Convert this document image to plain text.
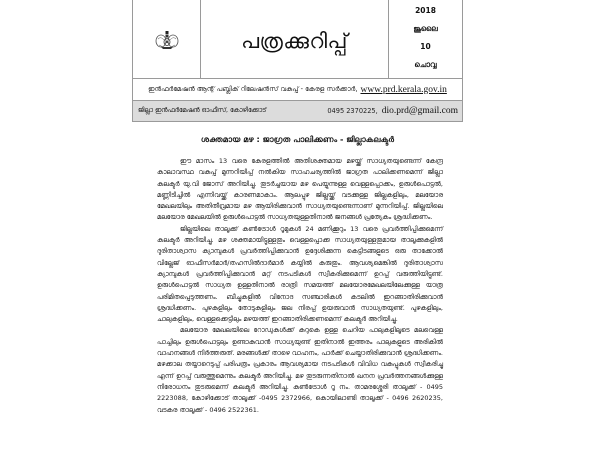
പത്രക്കുറിപ്പ്
2018
ജൂലൈ
10
ചൊവ്വ
ഇൻഫർമേഷൻ ആന്റ് പബ്ലിക് റിലേഷൻസ് വകുപ്പ് - കേരള സർക്കാർ, www.prd.kerala.gov.in
ജില്ലാ ഇൻഫർമേഷൻ ഓഫീസ്, കോഴിക്കോട്	0495 2370225, dio.prd@gmail.com
ശക്തമായ മഴ : ജാഗ്രത പാലിക്കണം - ജില്ലാകലക്ടർ

ഈ മാസം 13 വരെ കേരളത്തിൽ അതിശക്തമായ മഴയ്ക്ക് സാധ്യതയുണ്ടെന്ന് കേന്ദ്ര കാലാവസ്ഥ വകുപ്പ് മുന്നറിയിപ്പ് നൽകിയ സാഹചര്യത്തിൽ ജാഗ്രത പാലിക്കണമെന്ന് ജില്ലാ കലക്ടർ യു.വി ജോസ് അറിയിച്ചു. തുടർച്ചയായ മഴ പെയ്യുന്നുള്ള വെള്ളപ്പൊക്കം, ഉരുൾപൊട്ടൽ, മണ്ണിടിച്ചിൽ എന്നിവയ്ക്ക് കാരണമാകാം. ആലപ്പുഴ ജില്ലയ്ക്ക് വടക്കുള്ള ജില്ലകളിലും, മലയോര മേഖലയിലും അതിതീവ്രമായ മഴ ആയിരിക്കുവാൻ സാധ്യതയുണ്ടെന്നാണ് മുന്നറിയിപ്പ്. ജില്ലയിലെ മലയോര മേഖലയിൽ ഉരുൾപൊട്ടൽ സാധ്യതയുള്ളതിനാൽ ജനങ്ങൾ പ്രത്യേകം ശ്രദ്ധിക്കണം.

ജില്ലയിലെ താലൂക്ക് കൺട്രോൾ റൂമുകൾ 24 മണിക്കൂറും 13 വരെ പ്രവർത്തിപ്പിക്കുമെന്ന് കലക്ടർ അറിയിച്ചു. മഴ ശക്തമായിട്ടുള്ളതും വെള്ളപ്പൊക്ക സാധ്യതയുള്ളതുമായ താലൂക്കുകളിൽ ദുരിതാശ്വാസ ക്യാമ്പുകൾ പ്രവർത്തിപ്പിക്കുവാൻ ഉദ്ദേശിക്കുന്ന കെട്ടിടങ്ങളുടെ ഒരു താക്കോൽ വില്ലേജ് ഓഫീസർമാർ/തഹസിൽദാർമാർ കയ്യിൽ കരുതും. ആവശ്യമെങ്കിൽ ദുരിതാശ്വാസ ക്യാമ്പുകൾ പ്രവർത്തിപ്പിക്കുവാൻ മറ്റ് നടപടികൾ സ്വീകരിക്കുമെന്ന് ഉറപ്പ് വരുത്തിയിട്ടുണ്ട്. ഉരുൾപൊട്ടൽ സാധ്യത ഉള്ളതിനാൽ രാത്രി സമയത്ത് മലയോരമേഖലയിലേക്കുള്ള യാത്ര പരിമിതപ്പെടുത്തണം. ബീച്ചുകളിൽ വിനോദ സഞ്ചാരികൾ കടലിൽ ഇറങ്ങാതിരിക്കുവാൻ ശ്രദ്ധിക്കണം. പുഴകളിലും തോടുകളിലും ജല നിരപ്പ് ഉയരുവാൻ സാധ്യതയുണ്ട്. പുഴകളിലും, ചാലുകളിലും, വെള്ളക്കെട്ടിലും മഴയത്ത് ഇറങ്ങാതിരിക്കണമെന്ന് കലക്ടർ അറിയിച്ചു.

മലയോര മേഖലയിലെ റോഡുകൾക്ക് കുറുകെ ഉള്ള ചെറിയ പാലുകളിലൂടെ മലവെള്ള പാച്ചിലും ഉരുൾപൊട്ടലും ഉണ്ടാകുവാൻ സാധ്യയുണ്ട് ഇതിനാൽ ഇത്തരം പാലുകളുടെ അരികിൽ വാഹനങ്ങൾ നിർത്തരുത്. മരങ്ങൾക്ക് താഴെ വാഹനം, പാർക്ക് ചെയ്യാതിരിക്കുവാൻ ശ്രദ്ധിക്കണം. മഴക്കാല തയ്യാറെടുപ്പ് പരിപത്രം പ്രകാരം ആവശ്യമായ നടപടികൾ വിവിധ വകുപ്പുകൾ സ്വീകരിച്ചു എന്ന് ഉറപ്പ് വരുത്തുമെന്നും കലക്ടർ അറിയിച്ചു. മഴ തുടരുന്നതിനാൽ ഖനന പ്രവർത്തനങ്ങൾക്കുള്ള നിരോധനം തുടരുമെന്ന് കലക്ടർ അറിയിച്ചു. കൺട്രോൾ റൂ നം. താമരശ്ശേരി താലൂക്ക് - 0495 2223088, കോഴിക്കോട് താലൂക്ക് -0495 2372966, കൊയിലാണ്ടി താലൂക്ക് - 0496 2620235, വടകര താലൂക്ക് - 0496 2522361.
